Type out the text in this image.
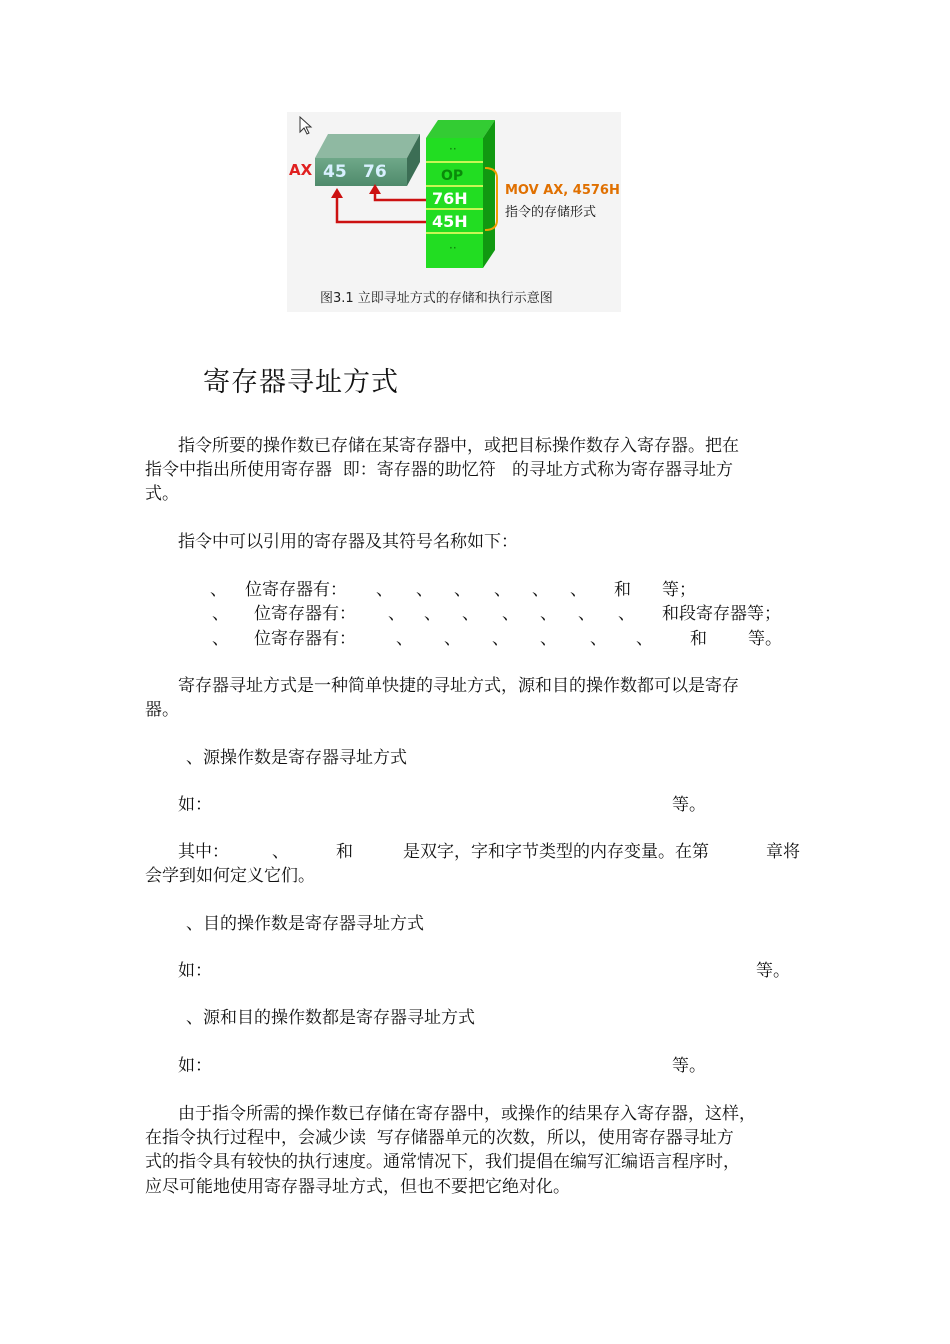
AX 45 76
··
OP
76H
45H
··
MOV AX, 4576H
指令的存储形式
图3.1 立即寻址方式的存储和执行示意图
寄存器寻址方式
指令所要的操作数已存储在某寄存器中，或把目标操作数存入寄存器。把在
指令中指出所使用寄存器  即：寄存器的助忆符   的寻址方式称为寄存器寻址方
式。
指令中可以引用的寄存器及其符号名称如下：
、 位寄存器有： 、 、 、 、 、 、 和 等；
、 位寄存器有： 、 、 、 、 、 、 、 和段寄存器等；
、 位寄存器有： 、 、 、 、 、 、 和 等。
寄存器寻址方式是一种简单快捷的寻址方式，源和目的操作数都可以是寄存
器。
、源操作数是寄存器寻址方式
如：	等。
其中：	、	和	是双字，字和字节类型的内存变量。在第	章将
会学到如何定义它们。
、目的操作数是寄存器寻址方式
如：	等。
、源和目的操作数都是寄存器寻址方式
如：	等。
由于指令所需的操作数已存储在寄存器中，或操作的结果存入寄存器，这样，
在指令执行过程中，会减少读  写存储器单元的次数，所以，使用寄存器寻址方
式的指令具有较快的执行速度。通常情况下，我们提倡在编写汇编语言程序时，
应尽可能地使用寄存器寻址方式，但也不要把它绝对化。
